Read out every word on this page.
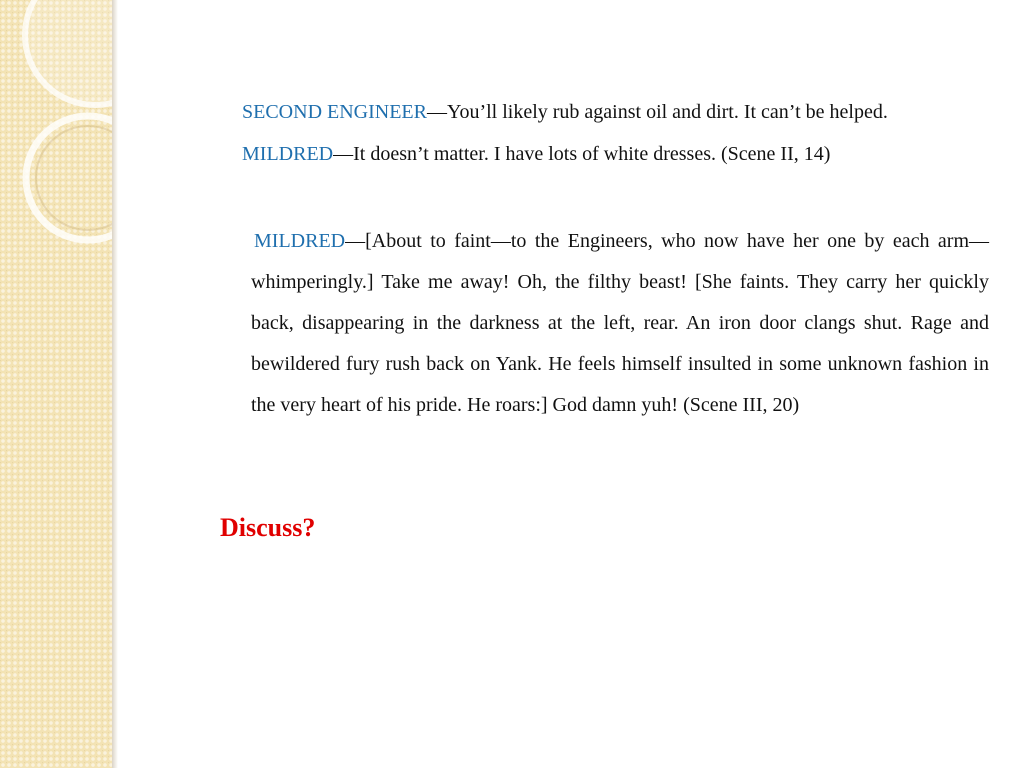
SECOND ENGINEER—You’ll likely rub against oil and dirt. It can’t be helped.
MILDRED—It doesn’t matter. I have lots of white dresses. (Scene II, 14)
MILDRED—[About to faint—to the Engineers, who now have her one by each arm—whimperingly.] Take me away! Oh, the filthy beast! [She faints. They carry her quickly back, disappearing in the darkness at the left, rear. An iron door clangs shut. Rage and bewildered fury rush back on Yank. He feels himself insulted in some unknown fashion in the very heart of his pride. He roars:] God damn yuh! (Scene III, 20)
Discuss?
